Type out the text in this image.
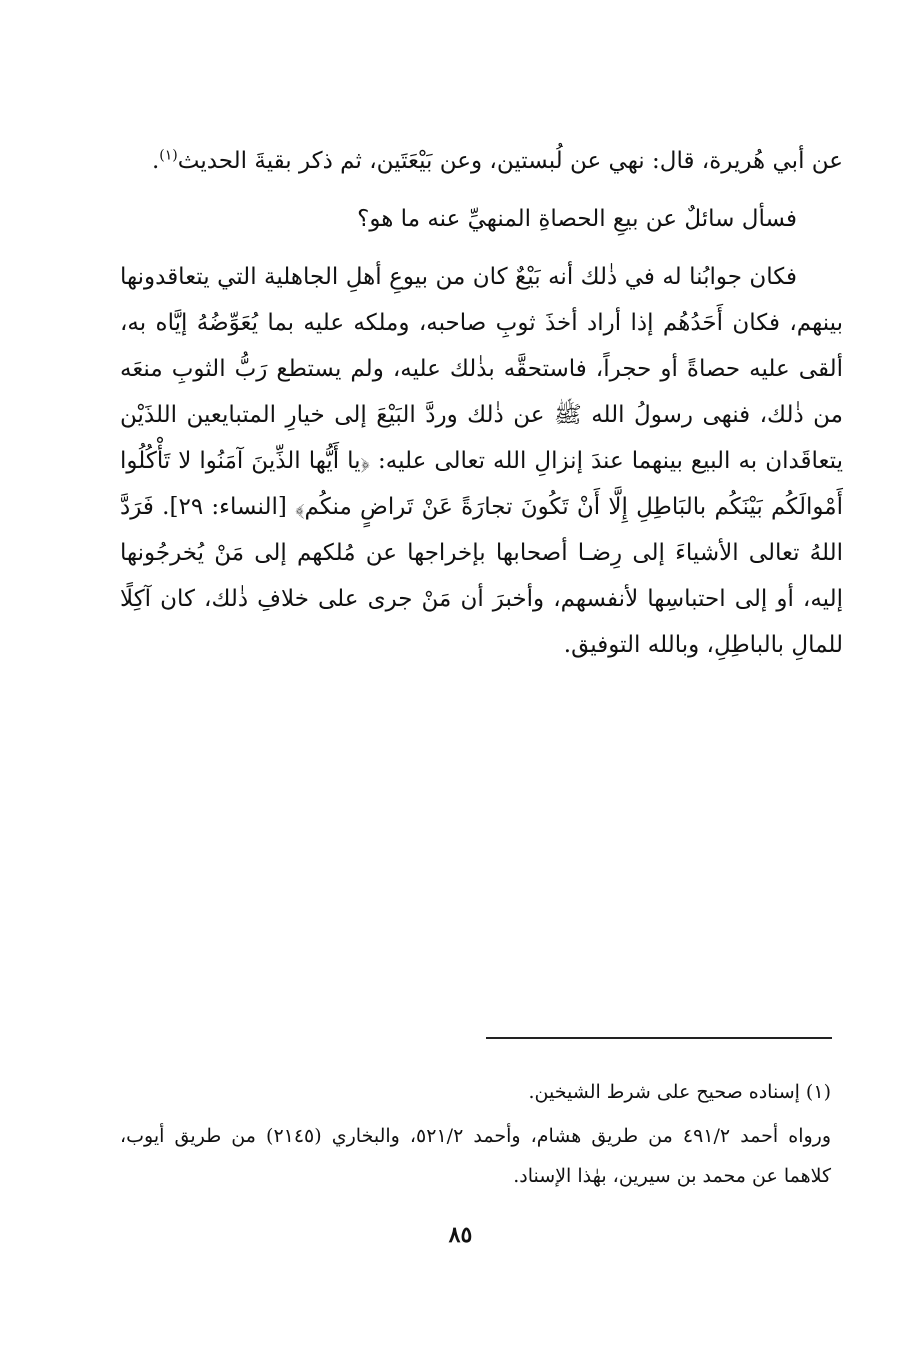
عن أبي هُريرة، قال: نهي عن لُبستين، وعن بَيْعَتَين، ثم ذكر بقيةَ الحديث$^{(١)}$.

فسأل سائلٌ عن بيعِ الحصاةِ المنهيِّ عنه ما هو؟

فكان جوابُنا له في ذٰلك أنه بَيْعٌ كان من بيوعِ أهلِ الجاهلية التي يتعاقدونها بينهم، فكان أَحَدُهُم إذا أراد أخذَ ثوبِ صاحبه، وملكه عليه بما يُعَوِّضُهُ إيَّاه به، ألقى عليه حصاةً أو حجراً، فاستحقَّه بذٰلك عليه، ولم يستطع رَبُّ الثوبِ منعَه من ذٰلك، فنهى رسولُ الله ﷺ عن ذٰلك وردَّ البَيْعَ إلى خيارِ المتبايعين اللذَيْن يتعاقَدان به البيع بينهما عندَ إنزالِ الله تعالى عليه: ﴿يا أَيُّها الذِّينَ آمَنُوا لا تَأْكُلُوا أَمْوالَكُم بَيْنَكُم بالبَاطِلِ إِلَّا أَنْ تَكُونَ تجارَةً عَنْ تَراضٍ منكُم﴾ [النساء: ٢٩]. فَرَدَّ اللهُ تعالى الأشياءَ إلى رِضـا أصحابها بإخراجها عن مُلكهم إلى مَنْ يُخرجُونها إليه، أو إلى احتباسِها لأنفسهم، وأخبرَ أن مَنْ جرى على خلافِ ذٰلك، كان آكِلًا للمالِ بالباطِلِ، وبالله التوفيق.

(١) إسناده صحيح على شرط الشيخين.

ورواه أحمد ٤٩١/٢ من طريق هشام، وأحمد ٥٢١/٢، والبخاري (٢١٤٥) من طريق أيوب، كلاهما عن محمد بن سيرين، بهٰذا الإسناد.

٨٥
